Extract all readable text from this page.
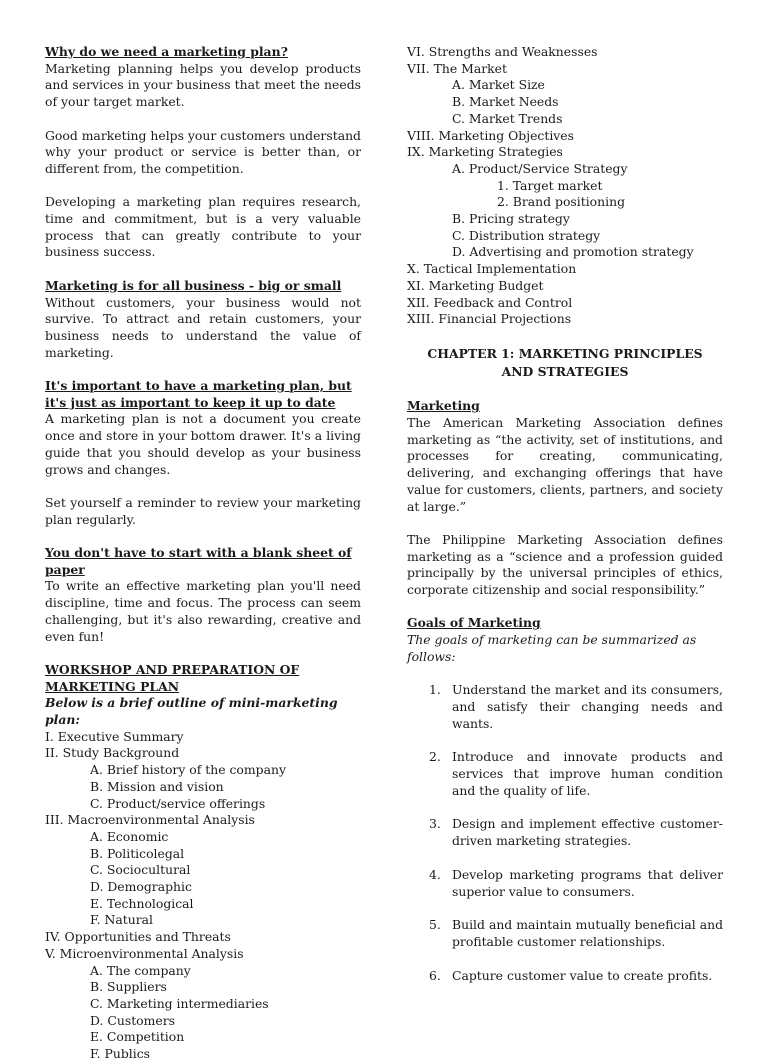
Why do we need a marketing plan?

Marketing planning helps you develop products and services in your business that meet the needs of your target market.

Good marketing helps your customers understand why your product or service is better than, or different from, the competition.

Developing a marketing plan requires research, time and commitment, but is a very valuable process that can greatly contribute to your business success.

Marketing is for all business - big or small

Without customers, your business would not survive. To attract and retain customers, your business needs to understand the value of marketing.

It's important to have a marketing plan, but it's just as important to keep it up to date

A marketing plan is not a document you create once and store in your bottom drawer. It's a living guide that you should develop as your business grows and changes.

Set yourself a reminder to review your marketing plan regularly.

You don't have to start with a blank sheet of paper

To write an effective marketing plan you'll need discipline, time and focus. The process can seem challenging, but it's also rewarding, creative and even fun!

WORKSHOP AND PREPARATION OF MARKETING PLAN

Below is a brief outline of mini-marketing plan:

I. Executive Summary

II. Study Background

A. Brief history of the company

B. Mission and vision

C. Product/service offerings

III. Macroenvironmental Analysis

A. Economic

B. Politicolegal

C. Sociocultural

D. Demographic

E. Technological

F. Natural

IV. Opportunities and Threats

V. Microenvironmental Analysis

A. The company

B. Suppliers

C. Marketing intermediaries

D. Customers

E. Competition

F. Publics

VI. Strengths and Weaknesses

VII. The Market

A. Market Size

B. Market Needs

C. Market Trends

VIII. Marketing Objectives

IX. Marketing Strategies

A. Product/Service Strategy

1. Target market

2. Brand positioning

B. Pricing strategy

C. Distribution strategy

D. Advertising and promotion strategy

X. Tactical Implementation

XI. Marketing Budget

XII. Feedback and Control

XIII. Financial Projections

CHAPTER 1: MARKETING PRINCIPLES AND STRATEGIES

Marketing

The American Marketing Association defines marketing as “the activity, set of institutions, and processes for creating, communicating, delivering, and exchanging offerings that have value for customers, clients, partners, and society at large.”

The Philippine Marketing Association defines marketing as a “science and a profession guided principally by the universal principles of ethics, corporate citizenship and social responsibility.”

Goals of Marketing

The goals of marketing can be summarized as follows:

1. Understand the market and its consumers, and satisfy their changing needs and wants.
2. Introduce and innovate products and services that improve human condition and the quality of life.
3. Design and implement effective customer-driven marketing strategies.
4. Develop marketing programs that deliver superior value to consumers.
5. Build and maintain mutually beneficial and profitable customer relationships.
6. Capture customer value to create profits.
